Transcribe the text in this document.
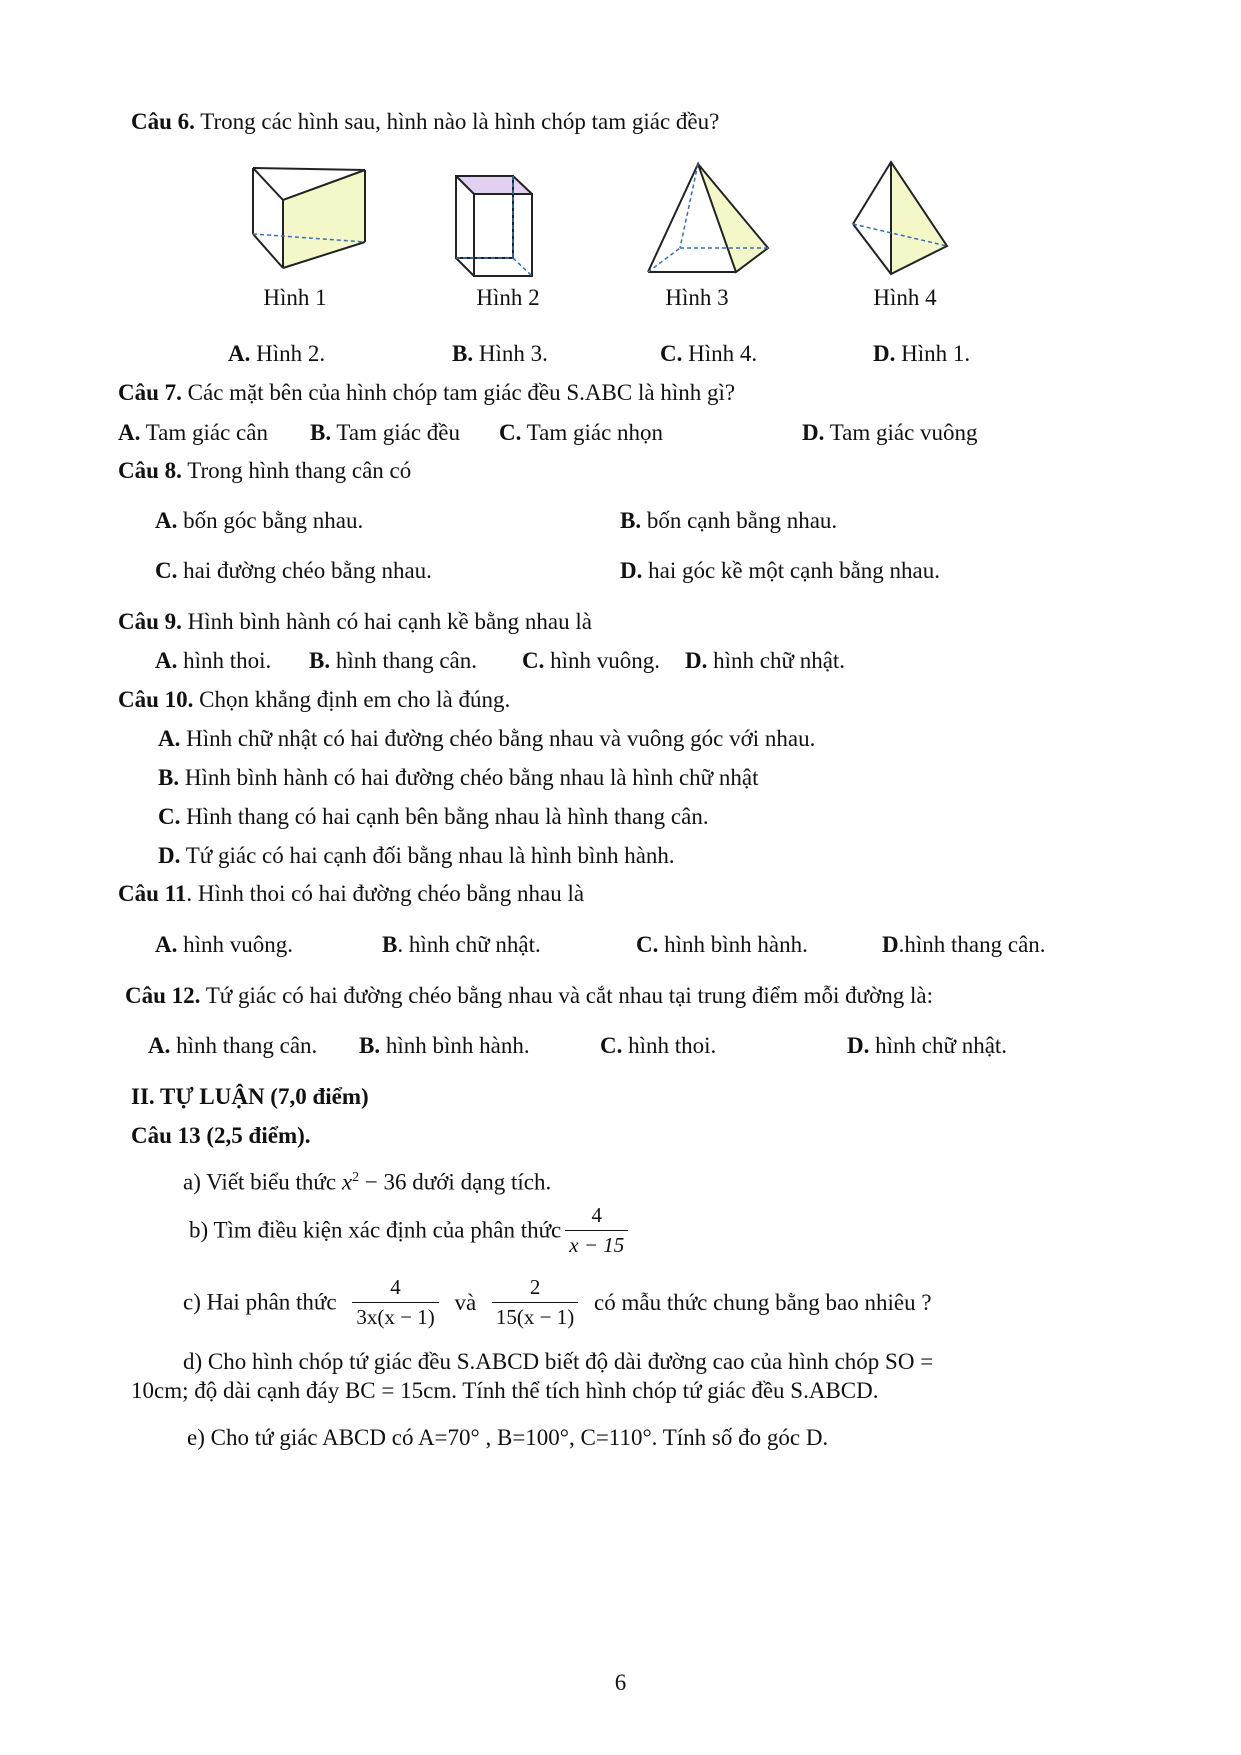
Câu 6. Trong các hình sau, hình nào là hình chóp tam giác đều?
Hình 1	Hình 2	Hình 3	Hình 4
A. Hình 2.	B. Hình 3.	C. Hình 4.	D. Hình 1.
Câu 7. Các mặt bên của hình chóp tam giác đều S.ABC là hình gì?
A. Tam giác cân B. Tam giác đều C. Tam giác nhọn	D. Tam giác vuông
Câu 8. Trong hình thang cân có
A. bốn góc bằng nhau.	B. bốn cạnh bằng nhau.
C. hai đường chéo bằng nhau.	D. hai góc kề một cạnh bằng nhau.
Câu 9. Hình bình hành có hai cạnh kề bằng nhau là
A. hình thoi. B. hình thang cân. C. hình vuông. D. hình chữ nhật.
Câu 10. Chọn khẳng định em cho là đúng.
A. Hình chữ nhật có hai đường chéo bằng nhau và vuông góc với nhau.
B. Hình bình hành có hai đường chéo bằng nhau là hình chữ nhật
C. Hình thang có hai cạnh bên bằng nhau là hình thang cân.
D. Tứ giác có hai cạnh đối bằng nhau là hình bình hành.
Câu 11. Hình thoi có hai đường chéo bằng nhau là
A. hình vuông.	B. hình chữ nhật.	C. hình bình hành.	D.hình thang cân.
Câu 12. Tứ giác có hai đường chéo bằng nhau và cắt nhau tại trung điểm mỗi đường là:
A. hình thang cân. B. hình bình hành.	C. hình thoi.	D. hình chữ nhật.
II. TỰ LUẬN (7,0 điểm)
Câu 13 (2,5 điểm).
a) Viết biểu thức $x^2 - 36$ dưới dạng tích.
b) Tìm điều kiện xác định của phân thức $\frac{4}{x - 15}$
c) Hai phân thức $\frac{4}{3x(x - 1)}$ và $\frac{2}{15(x - 1)}$ có mẫu thức chung bằng bao nhiêu ?
d) Cho hình chóp tứ giác đều S.ABCD biết độ dài đường cao của hình chóp SO =
10cm; độ dài cạnh đáy BC = 15cm. Tính thể tích hình chóp tứ giác đều S.ABCD.
e) Cho tứ giác ABCD có A=70° , B=100°, C=110°. Tính số đo góc D.
6
